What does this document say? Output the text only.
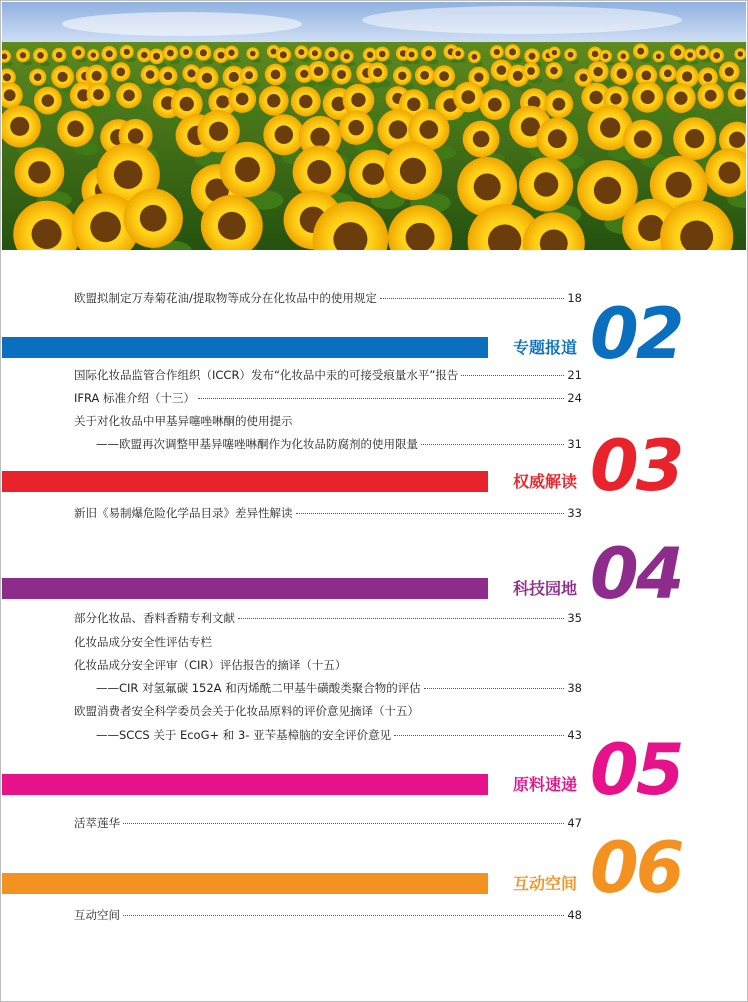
欧盟拟制定万寿菊花油/提取物等成分在化妆品中的使用规定	18
专题报道 02
国际化妆品监管合作组织（ICCR）发布“化妆品中汞的可接受痕量水平”报告	21
IFRA 标准介绍（十三）	24
关于对化妆品中甲基异噻唑啉酮的使用提示
——欧盟再次调整甲基异噻唑啉酮作为化妆品防腐剂的使用限量	31
权威解读 03
新旧《易制爆危险化学品目录》差异性解读	33
科技园地 04
部分化妆品、香料香精专利文献	35
化妆品成分安全性评估专栏
化妆品成分安全评审（CIR）评估报告的摘译（十五）
——CIR 对氢氟碳 152A 和丙烯酰二甲基牛磺酸类聚合物的评估	38
欧盟消费者安全科学委员会关于化妆品原料的评价意见摘译（十五）
——SCCS 关于 EcoG+ 和 3- 亚苄基樟脑的安全评价意见	43
原料速递 05
活萃莲华	47
互动空间 06
互动空间	48
